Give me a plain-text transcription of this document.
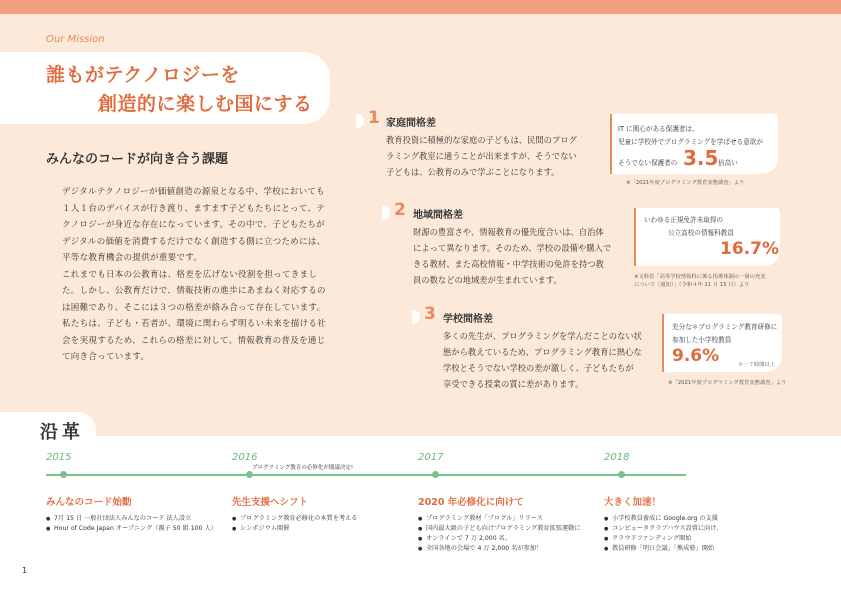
Our Mission
誰もがテクノロジーを
創造的に楽しむ国にする
みんなのコードが向き合う課題

デジタルテクノロジーが価値創造の源泉となる中、学校においても１人１台のデバイスが行き渡り、ますます子どもたちにとって、テクノロジーが身近な存在になっています。その中で、子どもたちがデジタルの価値を消費するだけでなく創造する側に立つためには、平等な教育機会の提供が重要です。

これまでも日本の公教育は、格差を広げない役割を担ってきました。しかし、公教育だけで、情報技術の進歩にあまねく対応するのは困難であり、そこには３つの格差が絡み合って存在しています。

私たちは、子ども・若者が、環境に関わらず明るい未来を描ける社会を実現するため、これらの格差に対して、情報教育の普及を通じて向き合っています。

1 家庭間格差
教育投資に積極的な家庭の子どもは、民間のプログ
ラミング教室に通うことが出来ますが、そうでない
子どもは、公教育のみで学ぶことになります。
IT に関心がある保護者は、
児童に学校外でプログラミングを学ばせる意欲が
そうでない保護者の 3.5 倍高い
※「2021年度プログラミング教育実態調査」より
2 地域間格差
財源の豊富さや、情報教育の優先度合いは、自治体
によって異なります。そのため、学校の設備や購入で
きる教材、また高校情報・中学技術の免許を持つ教
員の数などの地域差が生まれています。
いわゆる正規免許未取得の
公立高校の情報科教員
16.7%
※文科省「高等学校情報科に係る指導体制の一層の充実
について（通知）」（令和４年 11 月 15 日）より
3 学校間格差
多くの先生が、プログラミングを学んだことのない状
態から教えているため、プログラミング教育に熱心な
学校とそうでない学校の差が激しく、子どもたちが
享受できる授業の質に差があります。
充分な＊プログラミング教育研修に
参加した小学校教員
9.6%	＊一７時間以上
※「2021年度プログラミング教育実態調査」より
沿革
2015
みんなのコード始動
● 7月 15 日 一般社団法人みんなのコード 法人設立
● Hour of Code Japan オープニング（親子 50 組 100 人）
2016
プログラミング教育の必修化が閣議決定!
先生支援へシフト
● プログラミング教育必修化の本質を考える
● シンポジウム開催
2017
2020 年必修化に向けて
● プログラミング教材「プログル」リリース
● 国内最大級の子ども向けプログラミング教育拡張運動に
● オンラインで 7 万 2,000 名、
● 全国各地の会場で 4 万 2,000 名が参加！
2018
大きく加速！
● 小学校教員養成に Google.org の支援
● コンピュータクラブハウス設置に向け、
● クラウドファンディング開始
● 教員研修「明日会議」「熊成塾」開始
1
